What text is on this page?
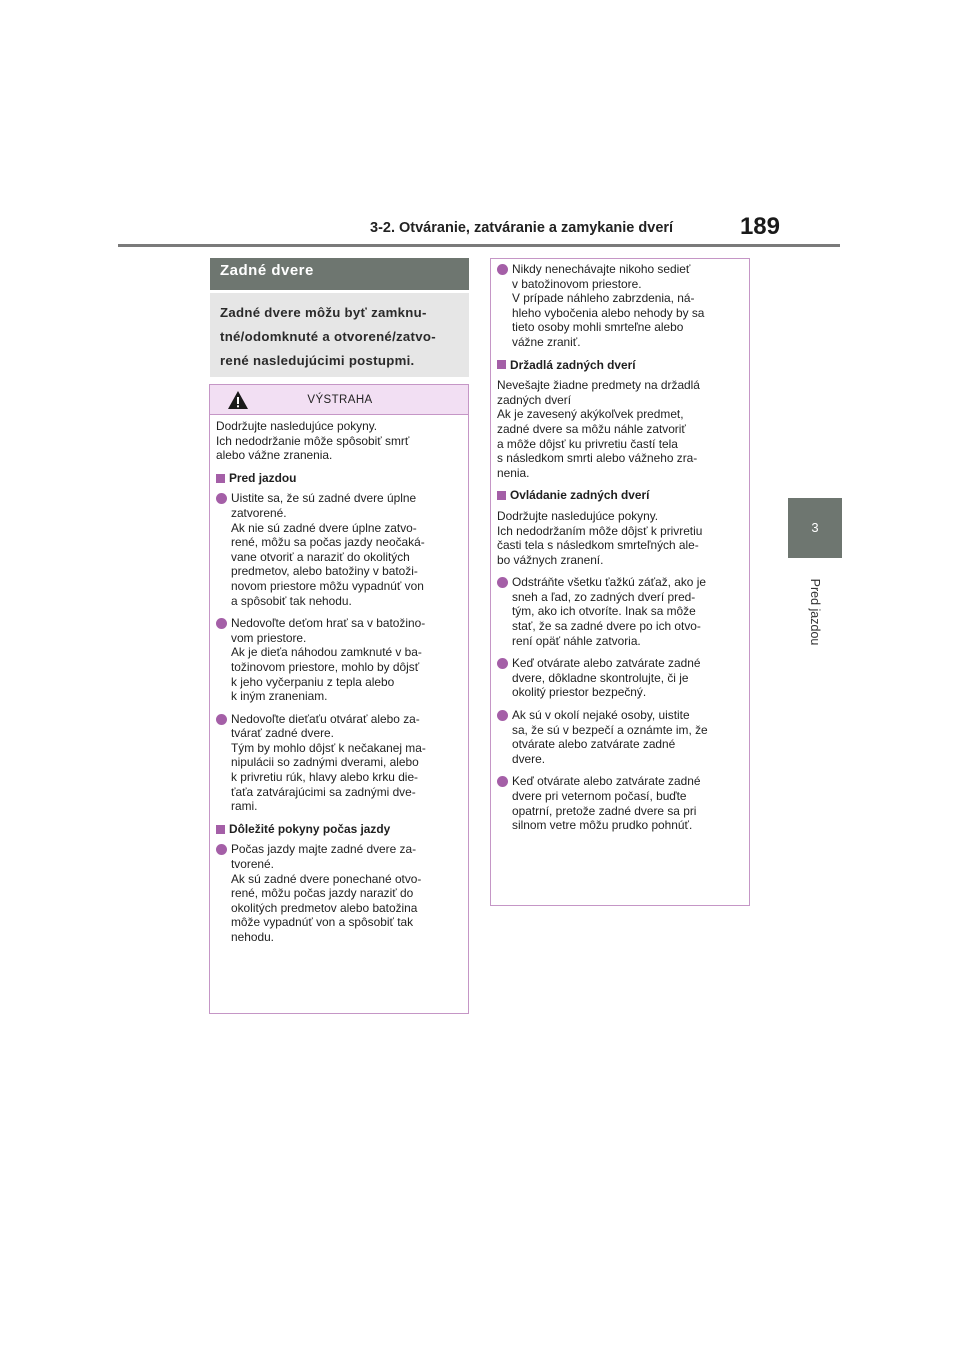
3-2. Otváranie, zatváranie a zamykanie dverí	189
3
Pred jazdou
Zadné dvere
Zadné dvere môžu byť zamknu-
tné/odomknuté a otvorené/zatvo-
rené nasledujúcimi postupmi.
VÝSTRAHA
Dodržujte nasledujúce pokyny.
Ich nedodržanie môže spôsobiť smrť
alebo vážne zranenia.
Pred jazdou
Uistite sa, že sú zadné dvere úplne
zatvorené.
Ak nie sú zadné dvere úplne zatvo-
rené, môžu sa počas jazdy neočaká-
vane otvoriť a naraziť do okolitých
predmetov, alebo batožiny v batoži-
novom priestore môžu vypadnúť von
a spôsobiť tak nehodu.
Nedovoľte deťom hrať sa v batožino-
vom priestore.
Ak je dieťa náhodou zamknuté v ba-
tožinovom priestore, mohlo by dôjsť
k jeho vyčerpaniu z tepla alebo
k iným zraneniam.
Nedovoľte dieťaťu otvárať alebo za-
tvárať zadné dvere.
Tým by mohlo dôjsť k nečakanej ma-
nipulácii so zadnými dverami, alebo
k privretiu rúk, hlavy alebo krku die-
ťaťa zatvárajúcimi sa zadnými dve-
rami.
Dôležité pokyny počas jazdy
Počas jazdy majte zadné dvere za-
tvorené.
Ak sú zadné dvere ponechané otvo-
rené, môžu počas jazdy naraziť do
okolitých predmetov alebo batožina
môže vypadnúť von a spôsobiť tak
nehodu.
Nikdy nenechávajte nikoho sedieť
v batožinovom priestore.
V prípade náhleho zabrzdenia, ná-
hleho vybočenia alebo nehody by sa
tieto osoby mohli smrteľne alebo
vážne zraniť.
Držadlá zadných dverí
Nevešajte žiadne predmety na držadlá
zadných dverí
Ak je zavesený akýkoľvek predmet,
zadné dvere sa môžu náhle zatvoriť
a môže dôjsť ku privretiu častí tela
s následkom smrti alebo vážneho zra-
nenia.
Ovládanie zadných dverí
Dodržujte nasledujúce pokyny.
Ich nedodržaním môže dôjsť k privretiu
časti tela s následkom smrteľných ale-
bo vážnych zranení.
Odstráňte všetku ťažkú záťaž, ako je
sneh a ľad, zo zadných dverí pred-
tým, ako ich otvoríte. Inak sa môže
stať, že sa zadné dvere po ich otvo-
rení opäť náhle zatvoria.
Keď otvárate alebo zatvárate zadné
dvere, dôkladne skontrolujte, či je
okolitý priestor bezpečný.
Ak sú v okolí nejaké osoby, uistite
sa, že sú v bezpečí a oznámte im, že
otvárate alebo zatvárate zadné
dvere.
Keď otvárate alebo zatvárate zadné
dvere pri veternom počasí, buďte
opatrní, pretože zadné dvere sa pri
silnom vetre môžu prudko pohnúť.
